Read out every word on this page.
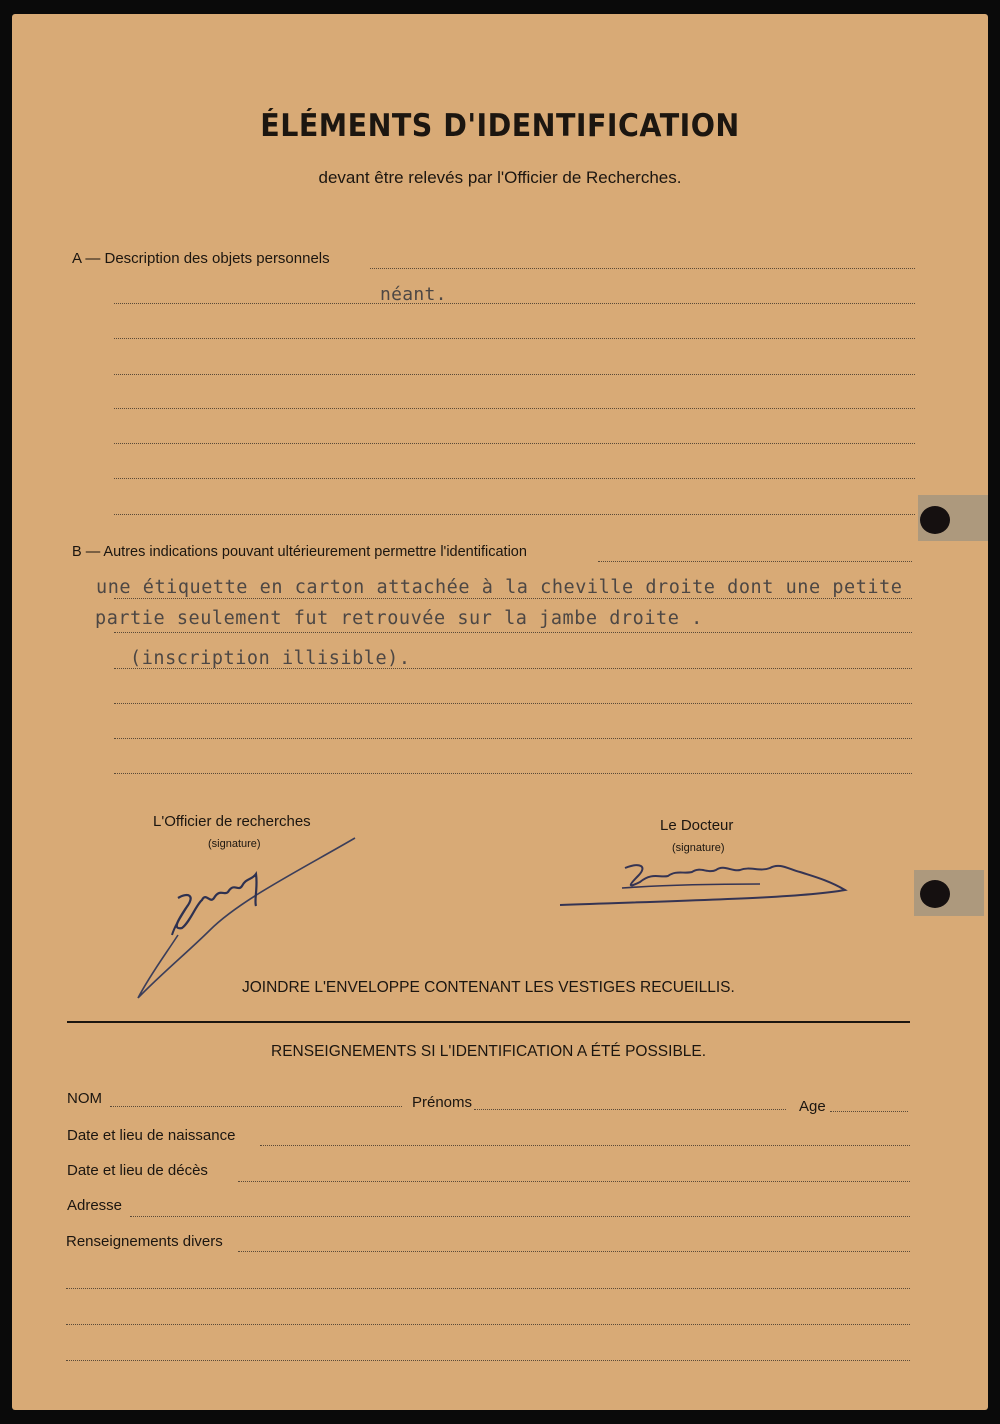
ÉLÉMENTS D'IDENTIFICATION
devant être relevés par l'Officier de Recherches.
A — Description des objets personnels
néant.
B — Autres indications pouvant ultérieurement permettre l'identification
une étiquette en carton attachée à la cheville droite dont une petite
partie seulement fut retrouvée sur la jambe droite .
(inscription illisible).
L'Officier de recherches
(signature)
Le Docteur
(signature)
JOINDRE L'ENVELOPPE CONTENANT LES VESTIGES RECUEILLIS.
RENSEIGNEMENTS SI L'IDENTIFICATION A ÉTÉ POSSIBLE.
NOM	Prénoms	Age
Date et lieu de naissance
Date et lieu de décès
Adresse
Renseignements divers
